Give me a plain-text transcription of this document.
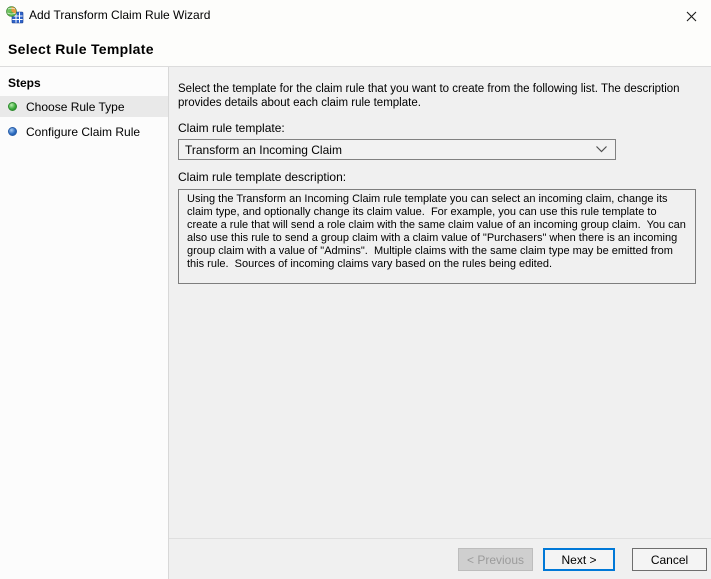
Add Transform Claim Rule Wizard
Select Rule Template
Steps
Choose Rule Type
Configure Claim Rule
Select the template for the claim rule that you want to create from the following list. The description provides details about each claim rule template.
Claim rule template:
Transform an Incoming Claim
Claim rule template description:
Using the Transform an Incoming Claim rule template you can select an incoming claim, change its claim type, and optionally change its claim value.  For example, you can use this rule template to create a rule that will send a role claim with the same claim value of an incoming group claim.  You can also use this rule to send a group claim with a claim value of "Purchasers" when there is an incoming group claim with a value of "Admins".  Multiple claims with the same claim type may be emitted from this rule.  Sources of incoming claims vary based on the rules being edited.
< Previous	Next >	Cancel
